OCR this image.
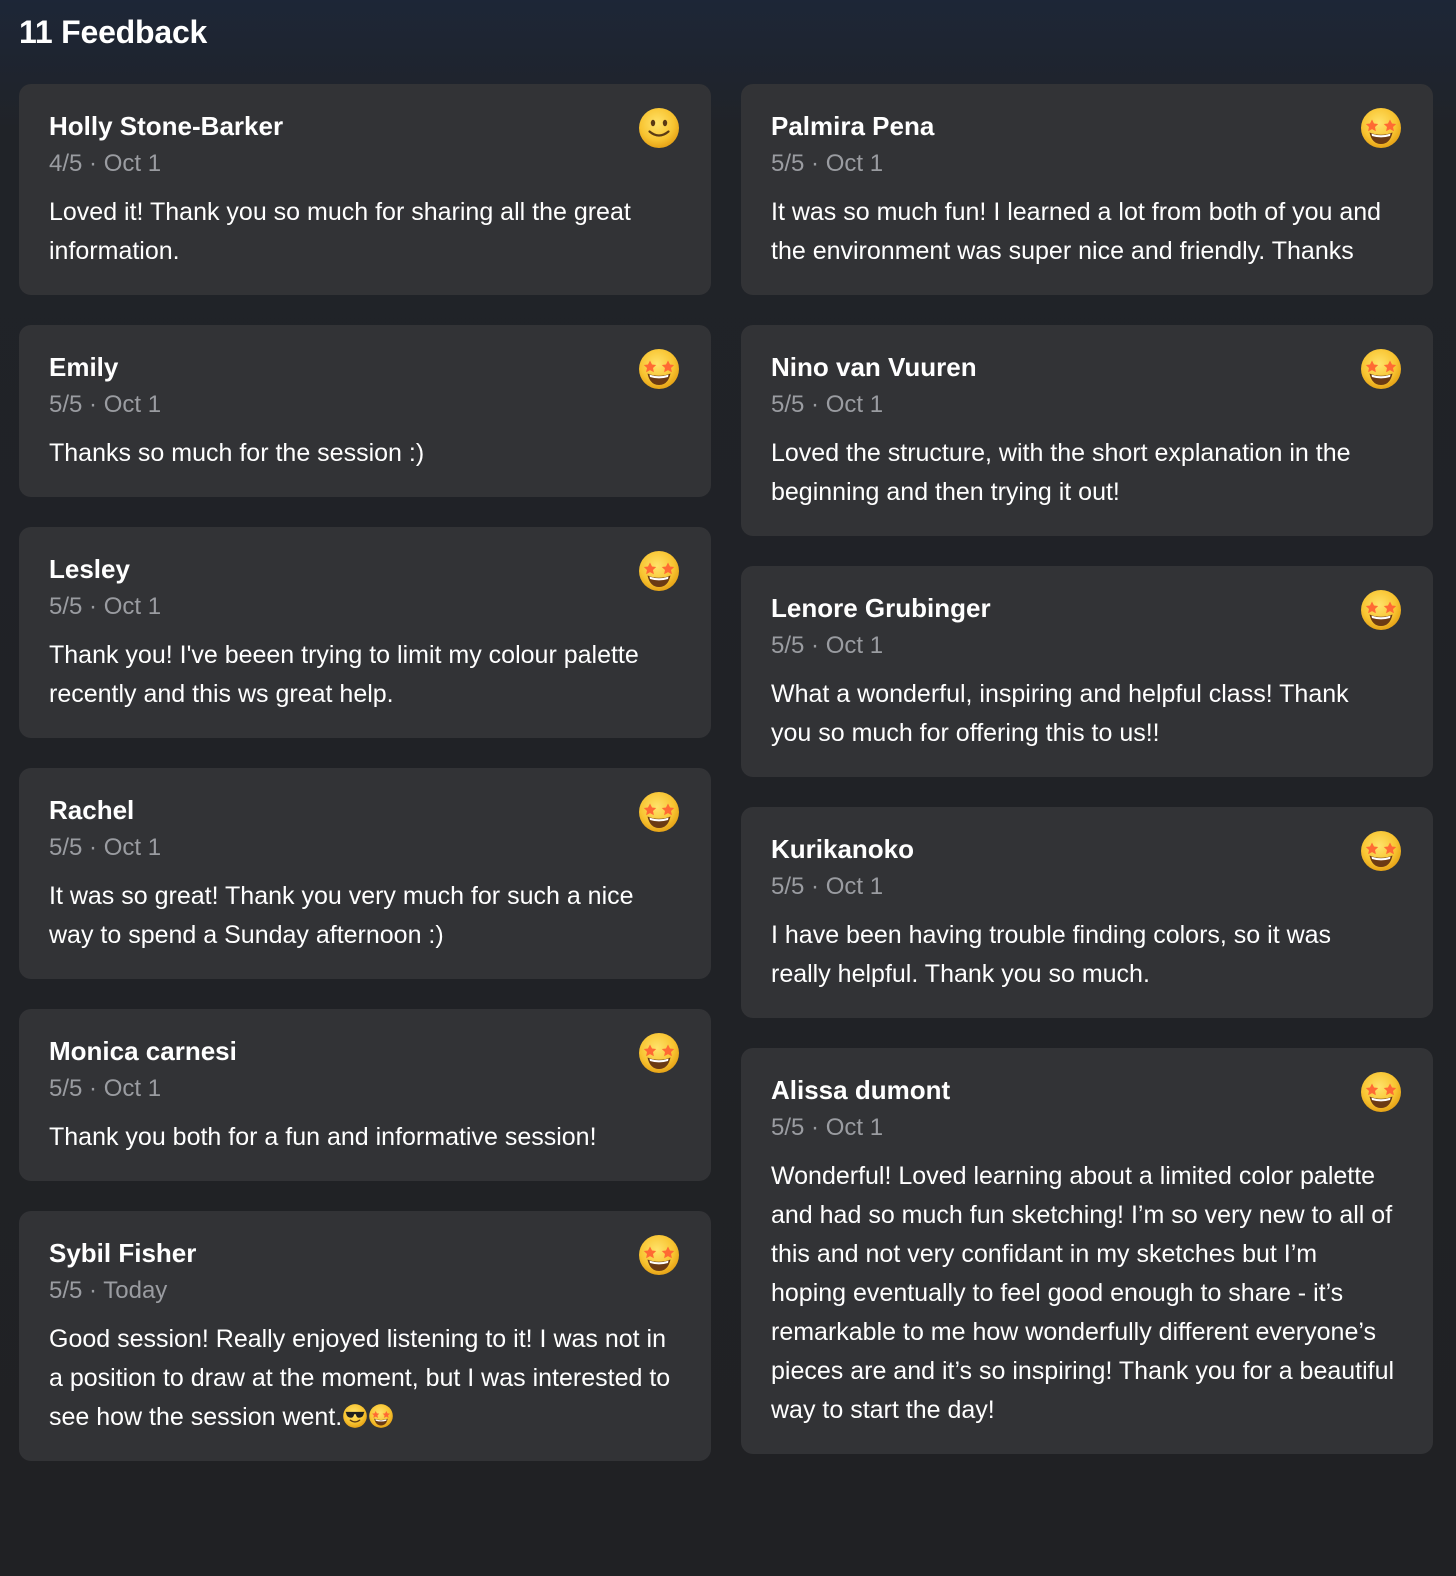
11 Feedback
Holly Stone-Barker
4/5 · Oct 1
Loved it! Thank you so much for sharing all the great information.
Emily
5/5 · Oct 1
Thanks so much for the session :)
Lesley
5/5 · Oct 1
Thank you! I've beeen trying to limit my colour palette recently and this ws great help.
Rachel
5/5 · Oct 1
It was so great! Thank you very much for such a nice way to spend a Sunday afternoon :)
Monica carnesi
5/5 · Oct 1
Thank you both for a fun and informative session!
Sybil Fisher
5/5 · Today
Good session! Really enjoyed listening to it! I was not in a position to draw at the moment, but I was interested to see how the session went.
Palmira Pena
5/5 · Oct 1
It was so much fun! I learned a lot from both of you and the environment was super nice and friendly. Thanks
Nino van Vuuren
5/5 · Oct 1
Loved the structure, with the short explanation in the beginning and then trying it out!
Lenore Grubinger
5/5 · Oct 1
What a wonderful, inspiring and helpful class! Thank you so much for offering this to us!!
Kurikanoko
5/5 · Oct 1
I have been having trouble finding colors, so it was really helpful. Thank you so much.
Alissa dumont
5/5 · Oct 1
Wonderful! Loved learning about a limited color palette and had so much fun sketching! I’m so very new to all of this and not very confidant in my sketches but I’m hoping eventually to feel good enough to share - it’s remarkable to me how wonderfully different everyone’s pieces are and it’s so inspiring! Thank you for a beautiful way to start the day!
